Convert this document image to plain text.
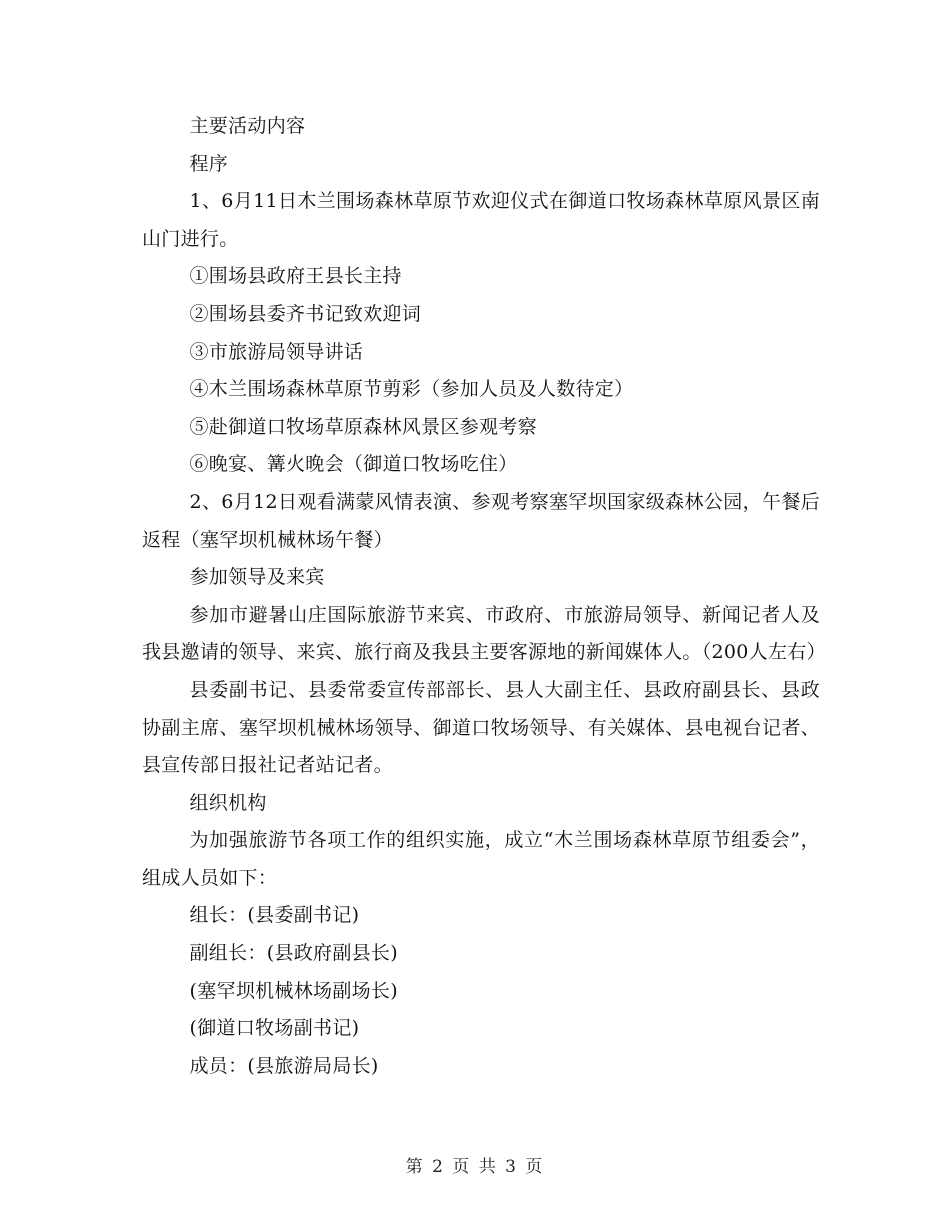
主要活动内容

程序

1、6月11日木兰围场森林草原节欢迎仪式在御道口牧场森林草原风景区南山门进行。

①围场县政府王县长主持

②围场县委齐书记致欢迎词

③市旅游局领导讲话

④木兰围场森林草原节剪彩（参加人员及人数待定）

⑤赴御道口牧场草原森林风景区参观考察

⑥晚宴、篝火晚会（御道口牧场吃住）

2、6月12日观看满蒙风情表演、参观考察塞罕坝国家级森林公园，午餐后返程（塞罕坝机械林场午餐）

参加领导及来宾

参加市避暑山庄国际旅游节来宾、市政府、市旅游局领导、新闻记者人及我县邀请的领导、来宾、旅行商及我县主要客源地的新闻媒体人。（200人左右）

县委副书记、县委常委宣传部部长、县人大副主任、县政府副县长、县政协副主席、塞罕坝机械林场领导、御道口牧场领导、有关媒体、县电视台记者、县宣传部日报社记者站记者。

组织机构

为加强旅游节各项工作的组织实施，成立“木兰围场森林草原节组委会”，组成人员如下：

组长：(县委副书记)

副组长：(县政府副县长)

(塞罕坝机械林场副场长)

(御道口牧场副书记)

成员：(县旅游局局长)

第 2 页 共 3 页
